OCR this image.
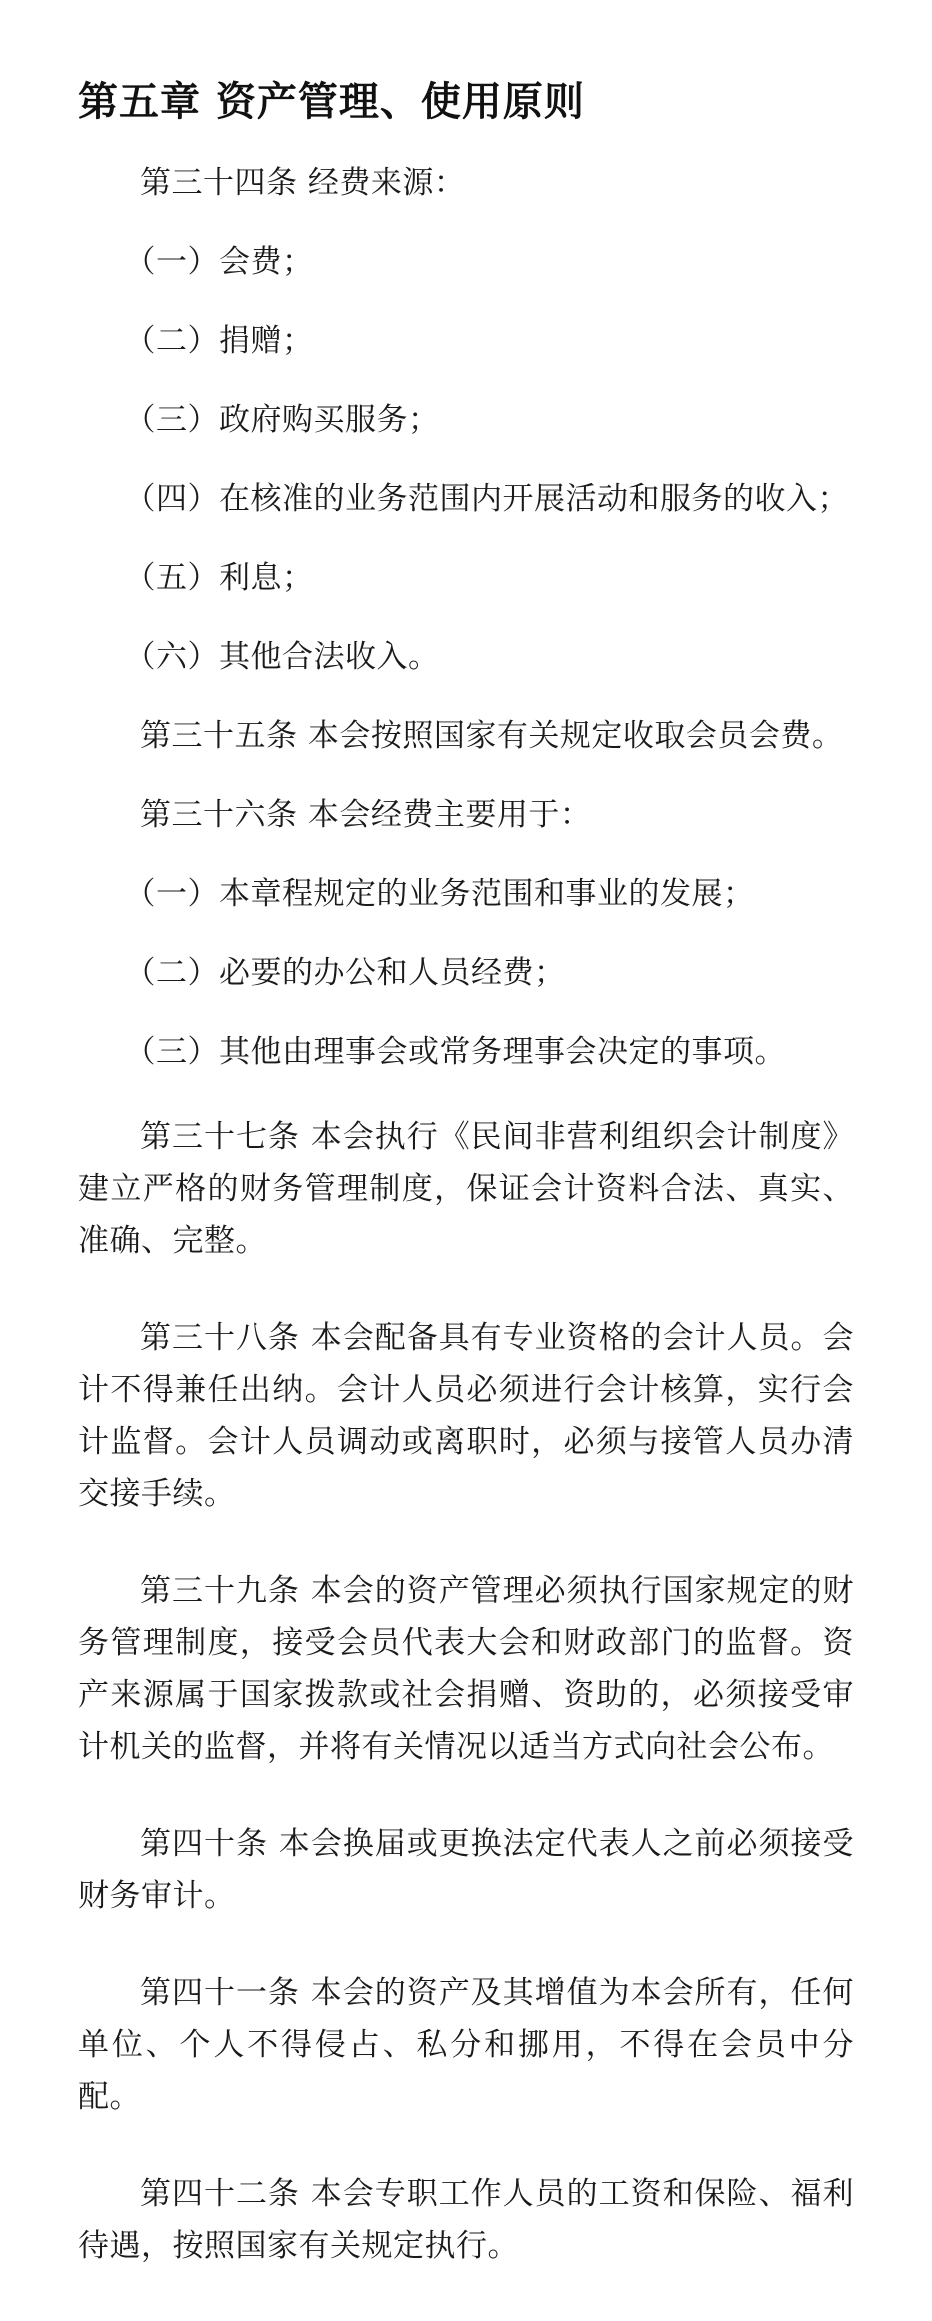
第五章 资产管理、使用原则

第三十四条 经费来源：

（一）会费；

（二）捐赠；

（三）政府购买服务；

（四）在核准的业务范围内开展活动和服务的收入；

（五）利息；

（六）其他合法收入。

第三十五条 本会按照国家有关规定收取会员会费。

第三十六条 本会经费主要用于：

（一）本章程规定的业务范围和事业的发展；

（二）必要的办公和人员经费；

（三）其他由理事会或常务理事会决定的事项。

第三十七条 本会执行《民间非营利组织会计制度》建立严格的财务管理制度，保证会计资料合法、真实、准确、完整。

第三十八条 本会配备具有专业资格的会计人员。会计不得兼任出纳。会计人员必须进行会计核算，实行会计监督。会计人员调动或离职时，必须与接管人员办清交接手续。

第三十九条 本会的资产管理必须执行国家规定的财务管理制度，接受会员代表大会和财政部门的监督。资产来源属于国家拨款或社会捐赠、资助的，必须接受审计机关的监督，并将有关情况以适当方式向社会公布。

第四十条 本会换届或更换法定代表人之前必须接受财务审计。

第四十一条 本会的资产及其增值为本会所有，任何单位、个人不得侵占、私分和挪用，不得在会员中分配。

第四十二条 本会专职工作人员的工资和保险、福利待遇，按照国家有关规定执行。
